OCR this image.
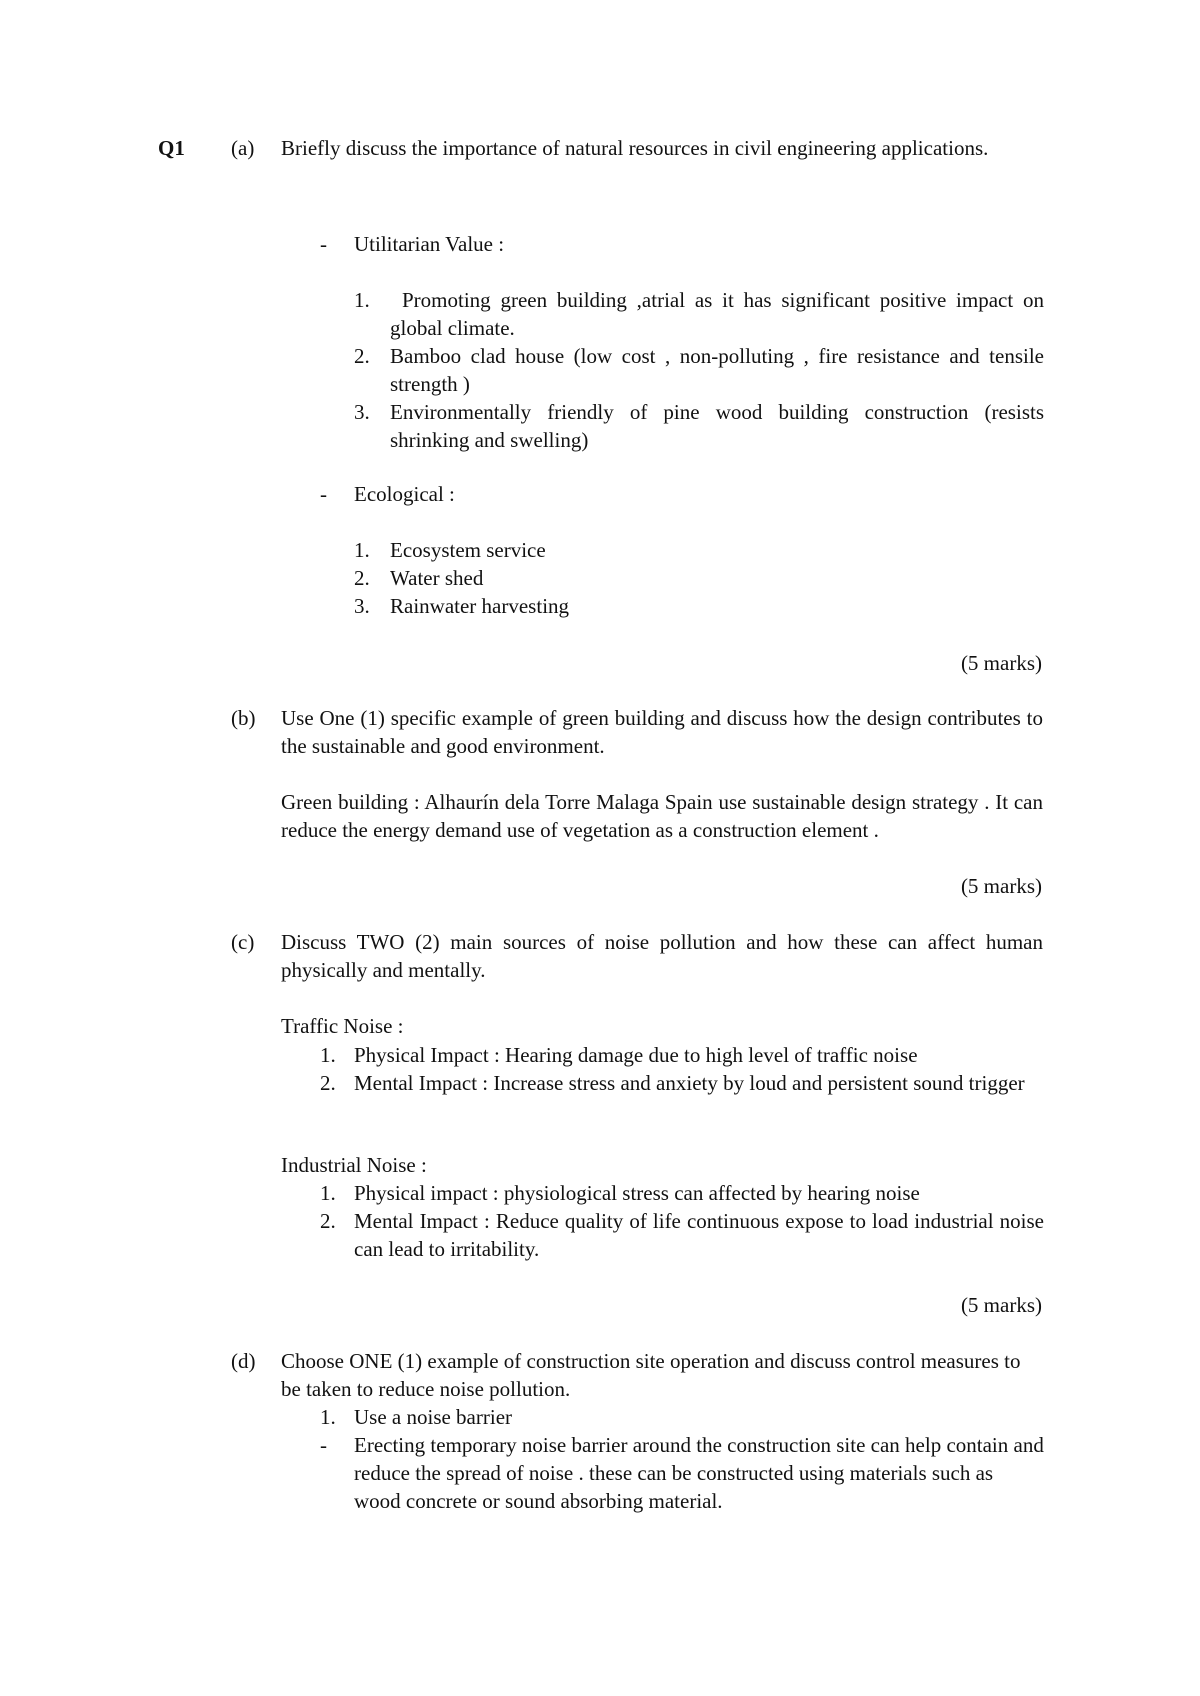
Q1 (a) Briefly discuss the importance of natural resources in civil engineering applications.
- Utilitarian Value :
1.	Promoting green building ,atrial as it has significant positive impact on global climate.
2. Bamboo clad house (low cost , non-polluting , fire resistance and tensile strength )
3. Environmentally friendly of pine wood building construction (resists shrinking and swelling)
- Ecological :
1. Ecosystem service
2. Water shed
3. Rainwater harvesting
(5 marks)
(b) Use One (1) specific example of green building and discuss how the design contributes to the sustainable and good environment.
Green building : Alhaurín dela Torre Malaga Spain use sustainable design strategy . It can reduce the energy demand use of vegetation as a construction element .
(5 marks)
(c) Discuss TWO (2) main sources of noise pollution and how these can affect human physically and mentally.
Traffic Noise :
1. Physical Impact : Hearing damage due to high level of traffic noise
2. Mental Impact : Increase stress and anxiety by loud and persistent sound trigger
Industrial Noise :
1. Physical impact : physiological stress can affected by hearing noise
2. Mental Impact : Reduce quality of life continuous expose to load industrial noise can lead to irritability.
(5 marks)
(d) Choose ONE (1) example of construction site operation and discuss control measures to be taken to reduce noise pollution.
1. Use a noise barrier
- Erecting temporary noise barrier around the construction site can help contain and reduce the spread of noise . these can be constructed using materials such as wood concrete or sound absorbing material.
